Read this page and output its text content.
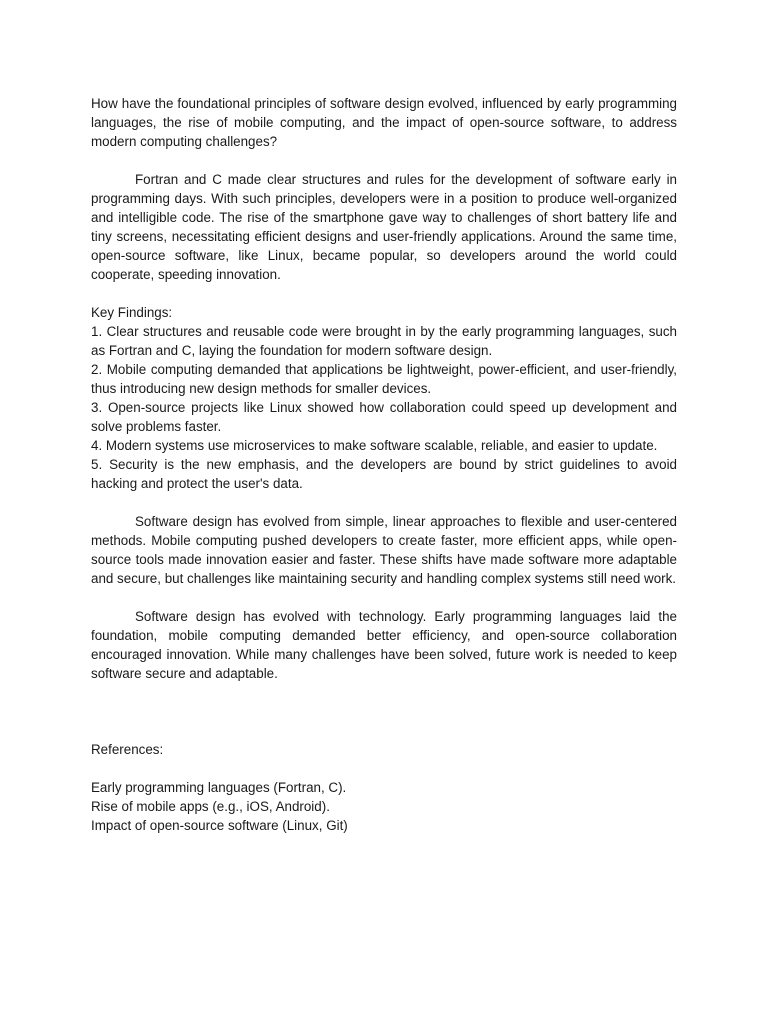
How have the foundational principles of software design evolved, influenced by early programming languages, the rise of mobile computing, and the impact of open-source software, to address modern computing challenges?

Fortran and C made clear structures and rules for the development of software early in programming days. With such principles, developers were in a position to produce well-organized and intelligible code. The rise of the smartphone gave way to challenges of short battery life and tiny screens, necessitating efficient designs and user-friendly applications. Around the same time, open-source software, like Linux, became popular, so developers around the world could cooperate, speeding innovation.

Key Findings:

1. Clear structures and reusable code were brought in by the early programming languages, such as Fortran and C, laying the foundation for modern software design.

2. Mobile computing demanded that applications be lightweight, power-efficient, and user-friendly, thus introducing new design methods for smaller devices.

3. Open-source projects like Linux showed how collaboration could speed up development and solve problems faster.

4. Modern systems use microservices to make software scalable, reliable, and easier to update.

5. Security is the new emphasis, and the developers are bound by strict guidelines to avoid hacking and protect the user's data.

Software design has evolved from simple, linear approaches to flexible and user-centered methods. Mobile computing pushed developers to create faster, more efficient apps, while open-source tools made innovation easier and faster. These shifts have made software more adaptable and secure, but challenges like maintaining security and handling complex systems still need work.

Software design has evolved with technology. Early programming languages laid the foundation, mobile computing demanded better efficiency, and open-source collaboration encouraged innovation. While many challenges have been solved, future work is needed to keep software secure and adaptable.

References:

Early programming languages (Fortran, C).

Rise of mobile apps (e.g., iOS, Android).

Impact of open-source software (Linux, Git)
